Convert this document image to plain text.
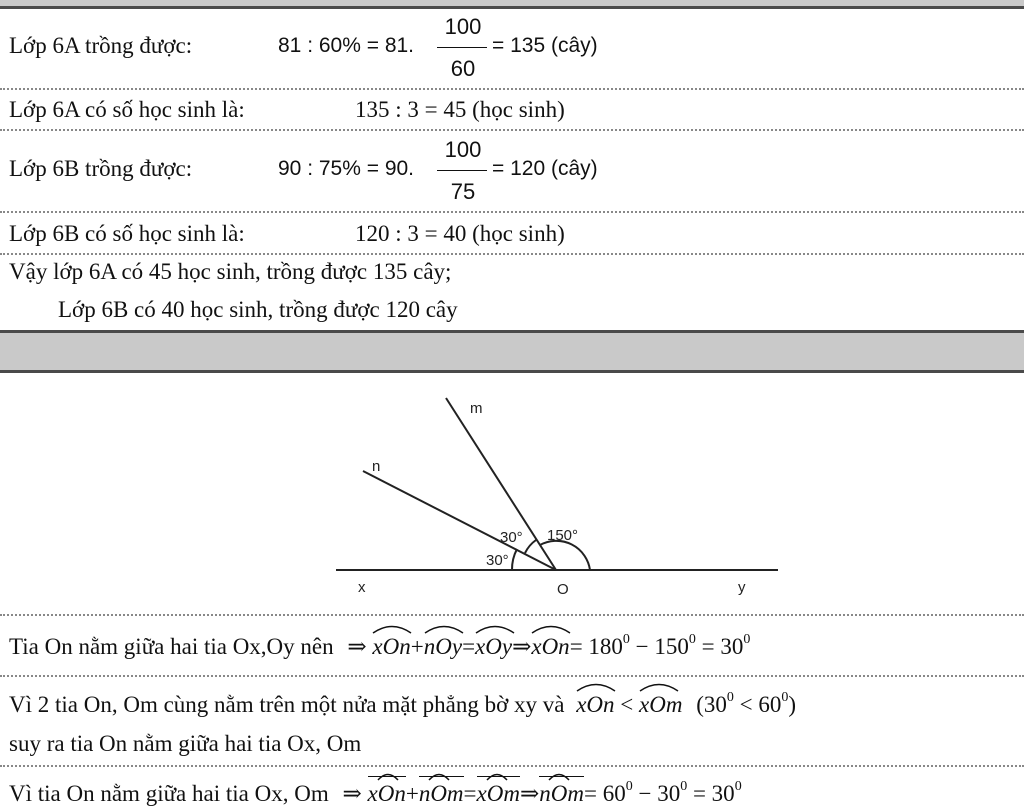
Lớp 6A trồng được:	81 : 60% = 81.
100
60
= 135 (cây)
Lớp 6A có số học sinh là:	135 : 3 = 45 (học sinh)
Lớp 6B trồng được:	90 : 75% = 90.
100
75
= 120 (cây)
Lớp 6B có số học sinh là:	120 : 3 = 40 (học sinh)
Vậy lớp 6A có 45 học sinh, trồng được 135 cây;
Lớp 6B có 40 học sinh, trồng được 120 cây
m
n
x	O	y
30°
30°
150°
Tia On nằm giữa hai tia Ox,Oy nên ⇒ xOn+
nOy=
xOy⇒
$xOn= 180^0 - 150^0 = 30^0$
Vì 2 tia On, Om cùng nằm trên một nửa mặt phẳng bờ xy và xOn < xOm $(30^0 < 60^0)$
suy ra tia On nằm giữa hai tia Ox, Om
Vì tia On nằm giữa hai tia Ox, Om ⇒ xOn+
nOm=
xOm⇒
$nOm= 60^0 - 30^0 = 30^0$
